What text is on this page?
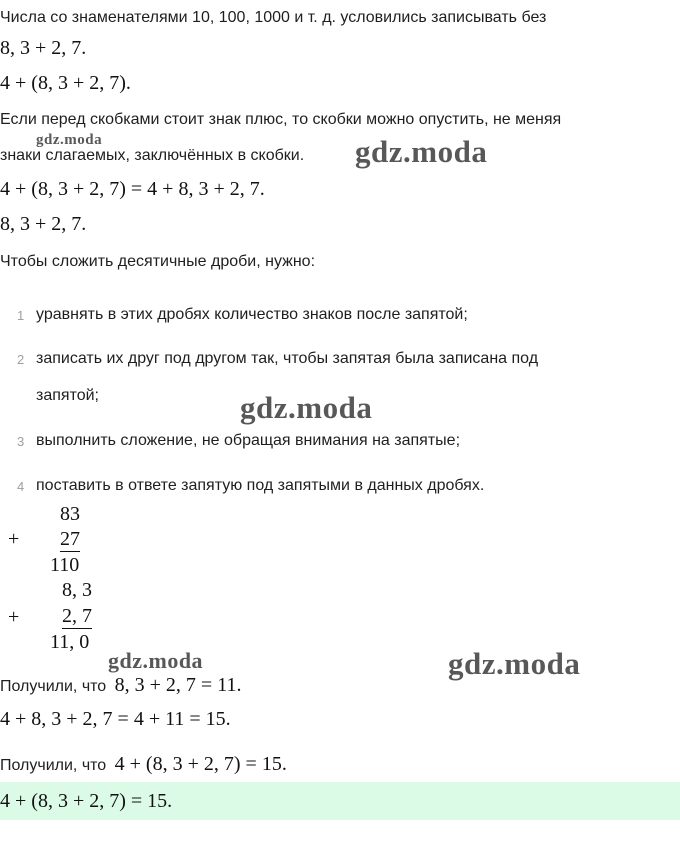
Числа со знаменателями 10, 100, 1000 и т. д. условились записывать без
8, 3 + 2, 7.
4 + (8, 3 + 2, 7).
Если перед скобками стоит знак плюс, то скобки можно опустить, не меняя
gdz.moda
знаки слагаемых, заключённых в скобки. gdz.moda
4 + (8, 3 + 2, 7) = 4 + 8, 3 + 2, 7.
8, 3 + 2, 7.
Чтобы сложить десятичные дроби, нужно:
1 уравнять в этих дробях количество знаков после запятой;
2 записать их друг под другом так, чтобы запятая была записана под
запятой;	gdz.moda
3 выполнить сложение, не обращая внимания на запятые;
4 поставить в ответе запятую под запятыми в данных дробях.
+
83
27
110
+
8, 3
2, 7
11, 0
gdz.moda	gdz.moda
Получили, что 8, 3 + 2, 7 = 11.
4 + 8, 3 + 2, 7 = 4 + 11 = 15.
Получили, что 4 + (8, 3 + 2, 7) = 15.
4 + (8, 3 + 2, 7) = 15.
